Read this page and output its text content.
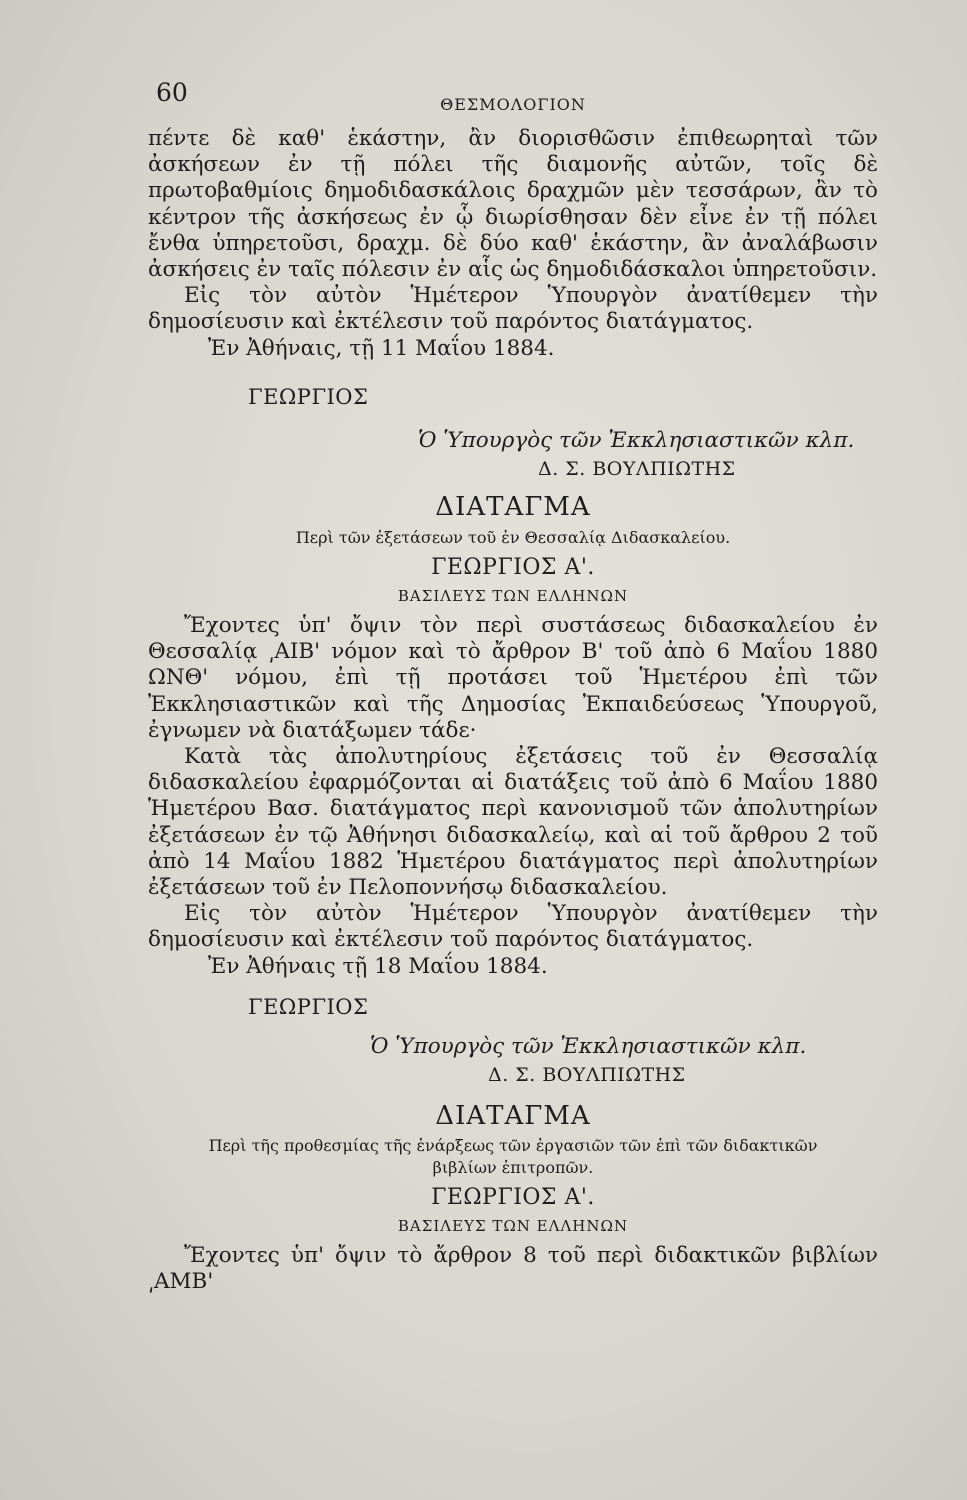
60	ΘΕΣΜΟΛΟΓΙΟΝ

πέντε δὲ καθ' ἑκάστην, ἂν διορισθῶσιν ἐπιθεωρηταὶ τῶν ἀσκήσεων ἐν τῇ πόλει τῆς διαμονῆς αὐτῶν, τοῖς δὲ πρωτοβαθμίοις δημοδιδασκάλοις δραχμῶν μὲν τεσσάρων, ἂν τὸ κέντρον τῆς ἀσκήσεως ἐν ᾧ διωρίσθησαν δὲν εἶνε ἐν τῇ πόλει ἔνθα ὑπηρετοῦσι, δραχμ. δὲ δύο καθ' ἑκάστην, ἂν ἀναλάβωσιν ἀσκήσεις ἐν ταῖς πόλεσιν ἐν αἷς ὡς δημοδιδάσκαλοι ὑπηρετοῦσιν.

Εἰς τὸν αὐτὸν Ἡμέτερον Ὑπουργὸν ἀνατίθεμεν τὴν δημοσίευσιν καὶ ἐκτέλεσιν τοῦ παρόντος διατάγματος.

Ἐν Ἀθήναις, τῇ 11 Μαΐου 1884.

ΓΕΩΡΓΙΟΣ
Ὁ Ὑπουργὸς τῶν Ἐκκλησιαστικῶν κλπ.
Δ. Σ. ΒΟΥΛΠΙΩΤΗΣ
ΔΙΑΤΑΓΜΑ
Περὶ τῶν ἐξετάσεων τοῦ ἐν Θεσσαλίᾳ Διδασκαλείου.
ΓΕΩΡΓΙΟΣ Α'.
ΒΑΣΙΛΕΥΣ ΤΩΝ ΕΛΛΗΝΩΝ

Ἔχοντες ὑπ' ὄψιν τὸν περὶ συστάσεως διδασκαλείου ἐν Θεσσαλίᾳ ͵ΑΙΒ' νόμον καὶ τὸ ἄρθρον Β' τοῦ ἀπὸ 6 Μαΐου 1880 ΩΝΘ' νόμου, ἐπὶ τῇ προτάσει τοῦ Ἡμετέρου ἐπὶ τῶν Ἐκκλησιαστικῶν καὶ τῆς Δημοσίας Ἐκπαιδεύσεως Ὑπουργοῦ, ἐγνωμεν νὰ διατάξωμεν τάδε·

Κατὰ τὰς ἀπολυτηρίους ἐξετάσεις τοῦ ἐν Θεσσαλίᾳ διδασκαλείου ἐφαρμόζονται αἱ διατάξεις τοῦ ἀπὸ 6 Μαΐου 1880 Ἡμετέρου Βασ. διατάγματος περὶ κανονισμοῦ τῶν ἀπολυτηρίων ἐξετάσεων ἐν τῷ Ἀθήνησι διδασκαλείῳ, καὶ αἱ τοῦ ἄρθρου 2 τοῦ ἀπὸ 14 Μαΐου 1882 Ἡμετέρου διατάγματος περὶ ἀπολυτηρίων ἐξετάσεων τοῦ ἐν Πελοποννήσῳ διδασκαλείου.

Εἰς τὸν αὐτὸν Ἡμέτερον Ὑπουργὸν ἀνατίθεμεν τὴν δημοσίευσιν καὶ ἐκτέλεσιν τοῦ παρόντος διατάγματος.

Ἐν Ἀθήναις τῇ 18 Μαΐου 1884.

ΓΕΩΡΓΙΟΣ
Ὁ Ὑπουργὸς τῶν Ἐκκλησιαστικῶν κλπ.
Δ. Σ. ΒΟΥΛΠΙΩΤΗΣ
ΔΙΑΤΑΓΜΑ
Περὶ τῆς προθεσμίας τῆς ἐνάρξεως τῶν ἐργασιῶν τῶν ἐπὶ τῶν διδακτικῶν βιβλίων ἐπιτροπῶν.
ΓΕΩΡΓΙΟΣ Α'.
ΒΑΣΙΛΕΥΣ ΤΩΝ ΕΛΛΗΝΩΝ

Ἔχοντες ὑπ' ὄψιν τὸ ἄρθρον 8 τοῦ περὶ διδακτικῶν βιβλίων ͵ΑΜΒ'
